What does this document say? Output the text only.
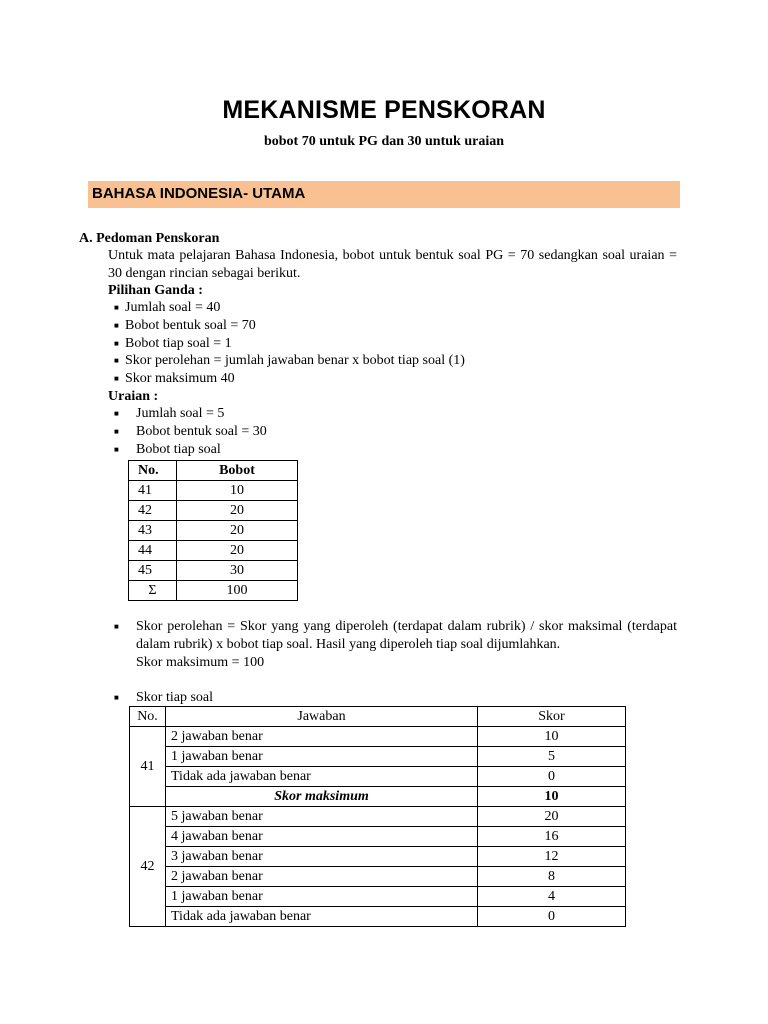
MEKANISME PENSKORAN
bobot 70 untuk PG dan 30 untuk uraian
BAHASA INDONESIA- UTAMA
A. Pedoman Penskoran
Untuk mata pelajaran Bahasa Indonesia, bobot untuk bentuk soal PG = 70 sedangkan soal uraian = 30 dengan rincian sebagai berikut.
Pilihan Ganda :
■ Jumlah soal = 40
■ Bobot bentuk soal = 70
■ Bobot tiap soal = 1
■ Skor perolehan = jumlah jawaban benar x bobot tiap soal (1)
■ Skor maksimum 40
Uraian :
■ Jumlah soal = 5
■ Bobot bentuk soal = 30
■ Bobot tiap soal
No.	Bobot
41	10
42	20
43	20
44	20
45	30
Σ	100
■ Skor perolehan = Skor yang yang diperoleh (terdapat dalam rubrik) / skor maksimal (terdapat dalam rubrik) x bobot tiap soal. Hasil yang diperoleh tiap soal dijumlahkan.
Skor maksimum = 100
■ Skor tiap soal
No.	Jawaban	Skor
41	2 jawaban benar	10
	1 jawaban benar	5
	Tidak ada jawaban benar	0
	Skor maksimum	10
42	5 jawaban benar	20
	4 jawaban benar	16
	3 jawaban benar	12
	2 jawaban benar	8
	1 jawaban benar	4
	Tidak ada jawaban benar	0
